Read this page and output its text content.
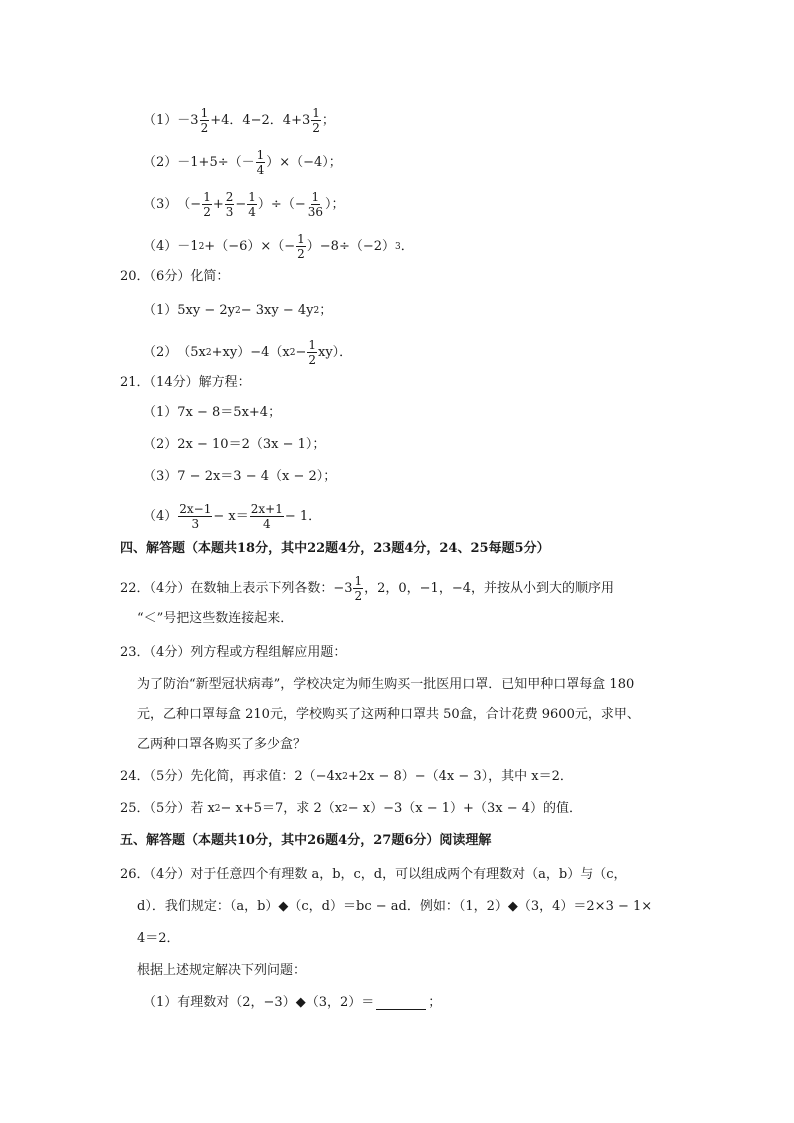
$(1) -3 \frac{1}{2} +4$．4−2．$4+3 \frac{1}{2}$ ；
$(2) -1+5\div(- \frac{1}{4} )\times(-4)$；
（3） （− $\frac{1}{2} + \frac{2}{3} - \frac{1}{4}$ ）÷（− $\frac{1}{36}$ ）；
（4） －1 $2 +(-6)\times(- \frac{1}{2} )-8\div(-2)$ 3 ．
20．（6分）化简：
（1） 5xy − 2y 2 − 3xy − 4y 2 ；
（2） （5x 2 +xy）−4（x $2 - \frac{1}{2} xy$）．
21．（14分）解方程：
（1）7x − 8＝5x+4；
（2）2x − 10＝2（3x − 1）；
（3）7 − 2x＝3 − 4（x − 2）；
$(4) \frac{2x-1}{3} - x= \frac{2x+1}{4} - 1$．
四、解答题（本题共18分，其中22题4分，23题4分，24、25每题5分）
22．（4分）在数轴上表示下列各数：$-3 \frac{1}{2}$ ，2，0，−1，−4，并按从小到大的顺序用
“＜”号把这些数连接起来．
23．（4分）列方程或方程组解应用题：
为了防治“新型冠状病毒”，学校决定为师生购买一批医用口罩．已知甲种口罩每盒 180
元，乙种口罩每盒 210元，学校购买了这两种口罩共 50盒，合计花费 9600元，求甲、
乙两种口罩各购买了多少盒？
24．（5分）先化简，再求值：2（−4x 2 +2x − 8）−（4x − 3），其中 x＝2．
25．（5分）若 x 2 − x+5＝7，求 2（x 2 − x）−3（x − 1）+（3x − 4）的值．
五、解答题（本题共10分，其中26题4分，27题6分）阅读理解
26．（4分）对于任意四个有理数 a，b，c，d，可以组成两个有理数对（a，b）与（c，
d）．我们规定：（a，b）◆（c，d）＝bc − ad．例如：（1，2）◆（3，4）＝2×3 − 1×
4＝2．
根据上述规定解决下列问题：
（1）有理数对（2，−3）◆（3，2）＝	；
